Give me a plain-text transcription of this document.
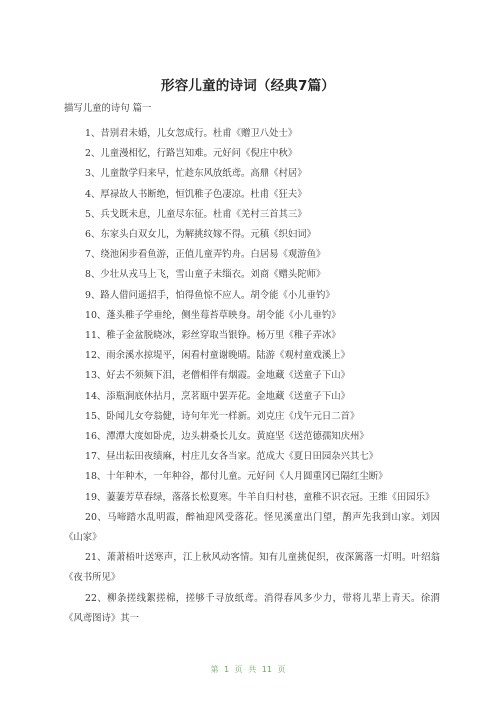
形容儿童的诗词（经典7篇）
描写儿童的诗句 篇一

1、昔别君未婚，儿女忽成行。杜甫《赠卫八处士》

2、儿童漫相忆，行路岂知难。元好问《倪庄中秋》

3、儿童散学归来早，忙趁东风放纸鸢。高鼎《村居》

4、厚禄故人书断绝，恒饥稚子色凄凉。杜甫《狂夫》

5、兵戈既未息，儿童尽东征。杜甫《羌村三首其三》

6、东家头白双女儿，为解挑纹嫁不得。元稹《织妇词》

7、绕池闲步看鱼游，正值儿童弄钓舟。白居易《观游鱼》

8、少壮从戎马上飞，雪山童子未缁衣。刘商《赠头陀师》

9、路人借问遥招手，怕得鱼惊不应人。胡令能《小儿垂钓》

10、蓬头稚子学垂纶，侧坐莓苔草映身。胡令能《小儿垂钓》

11、稚子金盆脱晓冰，彩丝穿取当银铮。杨万里《稚子弄冰》

12、雨余溪水掠堤平，闲看村童谢晚晴。陆游《观村童戏溪上》

13、好去不须频下泪，老僧相伴有烟霞。金地藏《送童子下山》

14、添瓶涧底休拈月，烹茗瓯中罢弄花。金地藏《送童子下山》

15、卧闻儿女夸翁健，诗句年光一样新。刘克庄《戊午元日二首》

16、潭潭大度如卧虎，边头耕桑长儿女。黄庭坚《送范德孺知庆州》

17、昼出耘田夜绩麻，村庄儿女各当家。范成大《夏日田园杂兴其七》

18、十年种木，一年种谷，都付儿童。元好问《人月圆重冈已隔红尘断》

19、萋萋芳草春绿，落落长松夏寒。牛羊自归村巷，童稚不识衣冠。王维《田园乐》

20、马啼踏水乱明霞，醉袖迎风受落花。怪见溪童出门望，鹊声先我到山家。刘因《山家》

21、萧萧梧叶送寒声，江上秋风动客情。知有儿童挑促织，夜深篱落一灯明。叶绍翁《夜书所见》

22、柳条搓线絮搓棉，搓够千寻放纸鸢。消得春风多少力，带将儿辈上青天。徐渭《风鸢图诗》其一

第 1 页 共 11 页
